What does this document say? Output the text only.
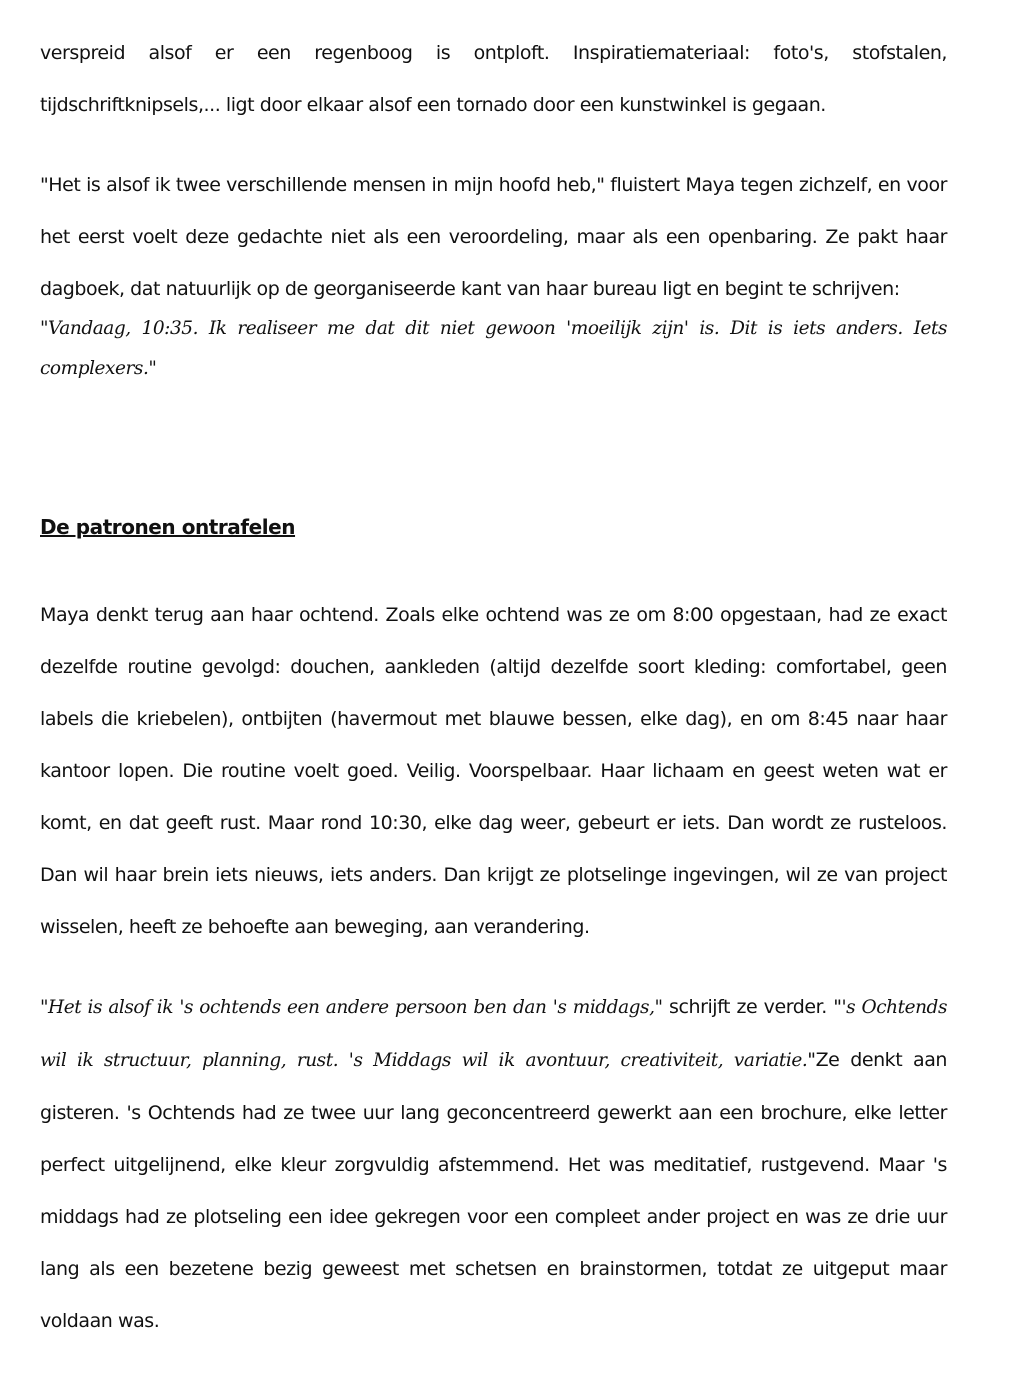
verspreid alsof er een regenboog is ontploft. Inspiratiemateriaal: foto's, stofstalen, tijdschriftknipsels,... ligt door elkaar alsof een tornado door een kunstwinkel is gegaan.

"Het is alsof ik twee verschillende mensen in mijn hoofd heb," fluistert Maya tegen zichzelf, en voor het eerst voelt deze gedachte niet als een veroordeling, maar als een openbaring. Ze pakt haar dagboek, dat natuurlijk op de georganiseerde kant van haar bureau ligt en begint te schrijven:
"Vandaag, 10:35. Ik realiseer me dat dit niet gewoon 'moeilijk zijn' is. Dit is iets anders. Iets complexers."

De patronen ontrafelen

Maya denkt terug aan haar ochtend. Zoals elke ochtend was ze om 8:00 opgestaan, had ze exact dezelfde routine gevolgd: douchen, aankleden (altijd dezelfde soort kleding: comfortabel, geen labels die kriebelen), ontbijten (havermout met blauwe bessen, elke dag), en om 8:45 naar haar kantoor lopen. Die routine voelt goed. Veilig. Voorspelbaar. Haar lichaam en geest weten wat er komt, en dat geeft rust. Maar rond 10:30, elke dag weer, gebeurt er iets. Dan wordt ze rusteloos. Dan wil haar brein iets nieuws, iets anders. Dan krijgt ze plotselinge ingevingen, wil ze van project wisselen, heeft ze behoefte aan beweging, aan verandering.

"Het is alsof ik 's ochtends een andere persoon ben dan 's middags," schrijft ze verder. "'s Ochtends wil ik structuur, planning, rust. 's Middags wil ik avontuur, creativiteit, variatie."Ze denkt aan gisteren. 's Ochtends had ze twee uur lang geconcentreerd gewerkt aan een brochure, elke letter perfect uitgelijnend, elke kleur zorgvuldig afstemmend. Het was meditatief, rustgevend. Maar 's middags had ze plotseling een idee gekregen voor een compleet ander project en was ze drie uur lang als een bezetene bezig geweest met schetsen en brainstormen, totdat ze uitgeput maar voldaan was.
